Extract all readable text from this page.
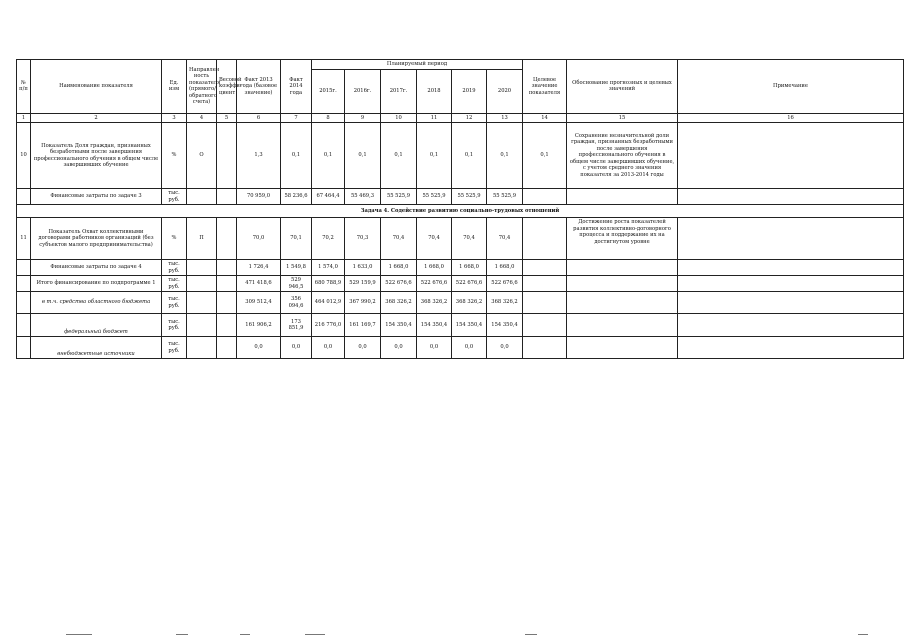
№ п/п	Наименование показателя	Ед. изм	Направлен ность показателя (прямого/ обратного счета)	Весовой коэффи- циент	Факт 2013 года (базовое значение)	Факт 2014 года	Планируемый период						Целевое значение показателя	Обоснование прогнозных и целевых значений	Примечание
							2015г.	2016г.	2017г.	2018	2019	2020			
1	2	3	4	5	6	7	8	9	10	11	12	13	14	15	16
10	Показатель Доля граждан, признанных безработными после завершения профессионального обучения в общем числе завершивших обучение	%	О		1,3	0,1	0,1	0,1	0,1	0,1	0,1	0,1	0,1	Сохранение незначительной доли граждан, признанных безработными после завершения профессионального обучения в общем числе завершивших обучение, с учетом среднего значения показателя за 2013-2014 годы	
	Финансовые затраты по задаче 3	тыс. руб.			70 959,0	58 236,6	67 464,4	55 469,3	55 525,9	55 525,9	55 525,9	55 525,9			
Задача 4. Содействие развитию социально-трудовых отношений															
11	Показатель Охват коллективными договорами работников организаций (без субъектов малого предпринимательства)	%	П		70,0	70,1	70,2	70,3	70,4	70,4	70,4	70,4		Достижение роста показателей развития коллективно-договорного процесса и поддержание их на достигнутом уровне	
	Финансовые затраты по задаче 4	тыс. руб.			1 726,4	1 549,8	1 574,0	1 633,0	1 668,0	1 668,0	1 668,0	1 668,0			
	Итого финансирование по подпрограмме 1	тыс. руб.			471 418,6	529 946,5	680 788,9	529 159,9	522 676,6	522 676,6	522 676,6	522 676,6			
	в т.ч. средства областного бюджета	тыс. руб.			309 512,4	356 094,6	464 012,9	367 990,2	368 326,2	368 326,2	368 326,2	368 326,2			
	федеральный бюджет	тыс. руб.			161 906,2	173 851,9	216 776,0	161 169,7	154 350,4	154 350,4	154 350,4	154 350,4			
	внебюджетные источники	тыс. руб.			0,0	0,0	0,0	0,0	0,0	0,0	0,0	0,0			
